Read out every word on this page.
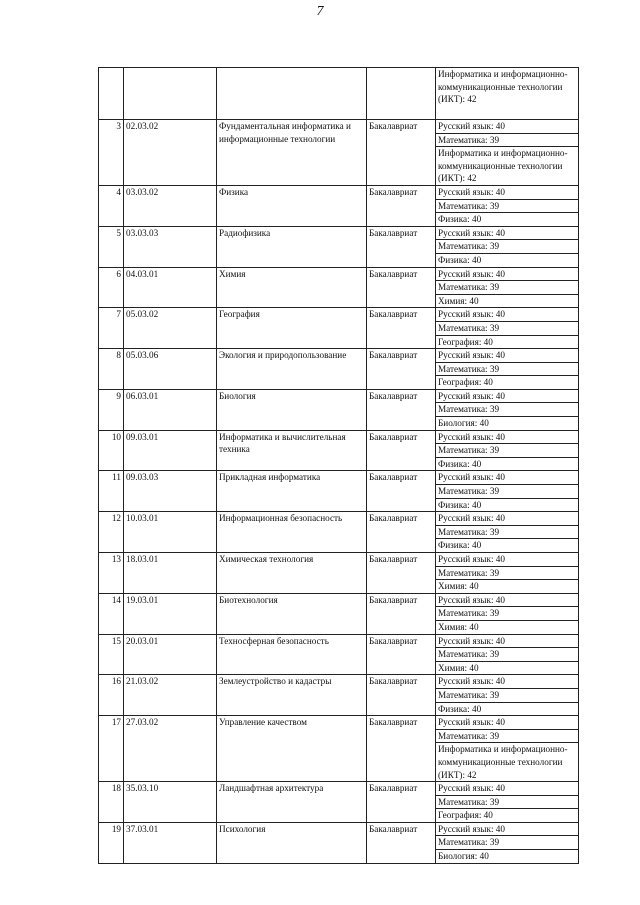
7

				Информатика и информационно-коммуникационные технологии (ИКТ): 42

3	02.03.02	Фундаментальная информатика и информационные технологии	Бакалавриат	Русский язык: 40
Математика: 39
Информатика и информационно-коммуникационные технологии (ИКТ): 42

4	03.03.02	Физика	Бакалавриат	Русский язык: 40
Математика: 39
Физика: 40

5	03.03.03	Радиофизика	Бакалавриат	Русский язык: 40
Математика: 39
Физика: 40

6	04.03.01	Химия	Бакалавриат	Русский язык: 40
Математика: 39
Химия: 40

7	05.03.02	География	Бакалавриат	Русский язык: 40
Математика: 39
География: 40

8	05.03.06	Экология и природопользование	Бакалавриат	Русский язык: 40
Математика: 39
География: 40

9	06.03.01	Биология	Бакалавриат	Русский язык: 40
Математика: 39
Биология: 40

10	09.03.01	Информатика и вычислительная техника	Бакалавриат	Русский язык: 40
Математика: 39
Физика: 40

11	09.03.03	Прикладная информатика	Бакалавриат	Русский язык: 40
Математика: 39
Физика: 40

12	10.03.01	Информационная безопасность	Бакалавриат	Русский язык: 40
Математика: 39
Физика: 40

13	18.03.01	Химическая технология	Бакалавриат	Русский язык: 40
Математика: 39
Химия: 40

14	19.03.01	Биотехнология	Бакалавриат	Русский язык: 40
Математика: 39
Химия: 40

15	20.03.01	Техносферная безопасность	Бакалавриат	Русский язык: 40
Математика: 39
Химия: 40

16	21.03.02	Землеустройство и кадастры	Бакалавриат	Русский язык: 40
Математика: 39
Физика: 40

17	27.03.02	Управление качеством	Бакалавриат	Русский язык: 40
Математика: 39
Информатика и информационно-коммуникационные технологии (ИКТ): 42

18	35.03.10	Ландшафтная архитектура	Бакалавриат	Русский язык: 40
Математика: 39
География: 40

19	37.03.01	Психология	Бакалавриат	Русский язык: 40
Математика: 39
Биология: 40
